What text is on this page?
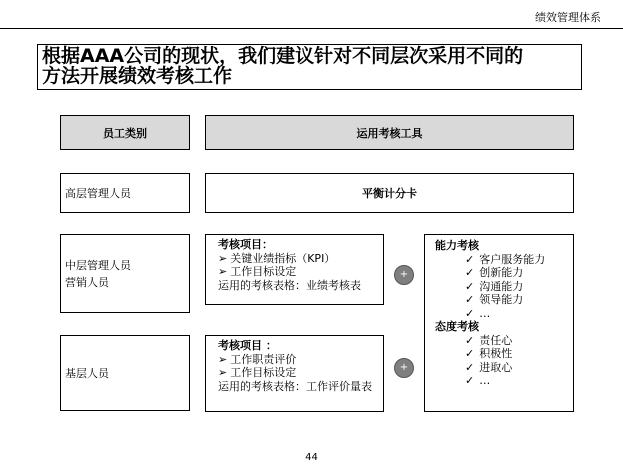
绩效管理体系
根据AAA公司的现状，我们建议针对不同层次采用不同的
方法开展绩效考核工作
员工类别	运用考核工具
高层管理人员	平衡计分卡
中层管理人员
营销人员
考核项目：
➢ 关键业绩指标（KPI）
➢ 工作目标设定
运用的考核表格：业绩考核表
+
基层人员
考核项目 ：
➢ 工作职责评价
➢ 工作目标设定
运用的考核表格：工作评价量表
+
能力考核
✓ 客户服务能力
✓ 创新能力
✓ 沟通能力
✓ 领导能力
✓ …
态度考核
✓ 责任心
✓ 积极性
✓ 进取心
✓ …
44
